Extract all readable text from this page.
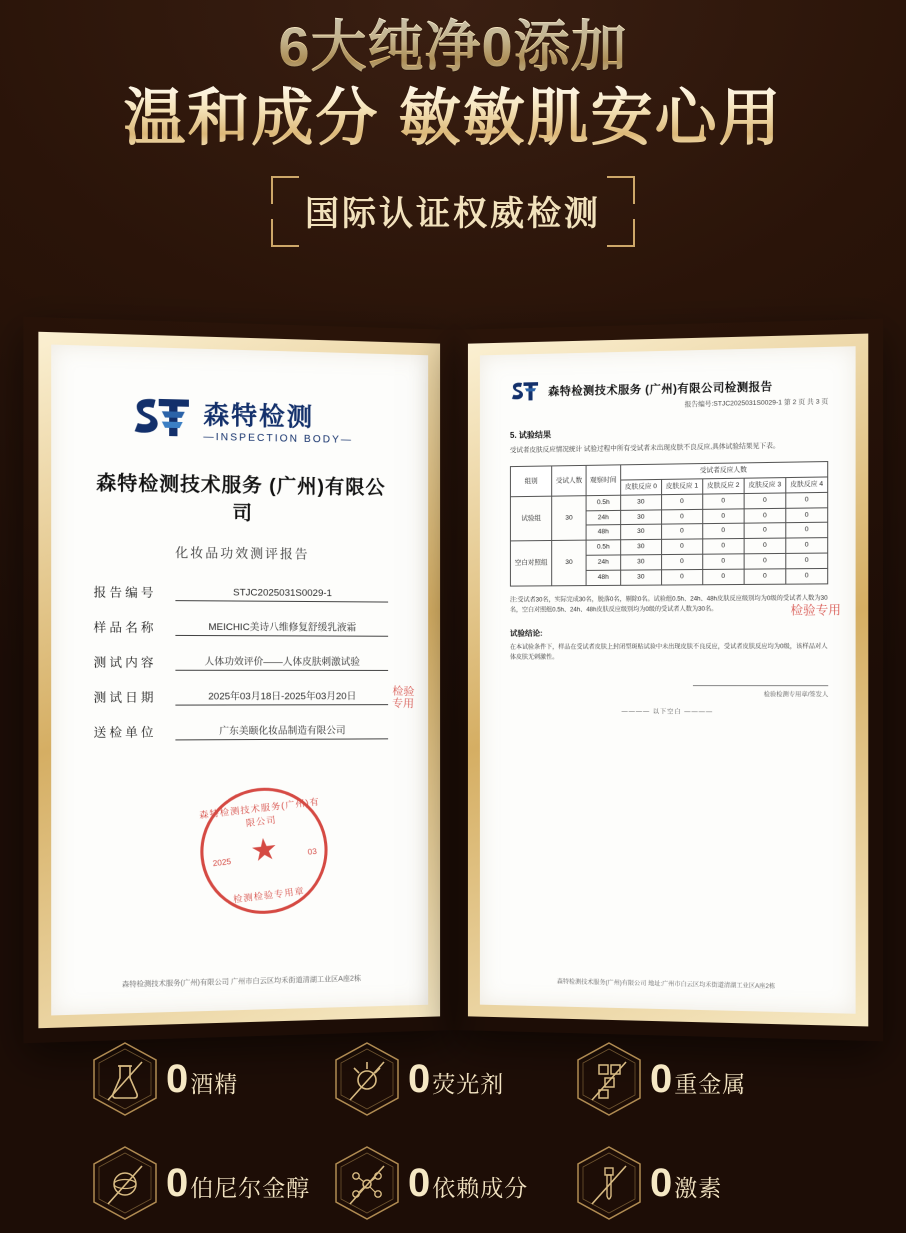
6大纯净0添加
温和成分 敏敏肌安心用
国际认证权威检测
森特检测
—INSPECTION BODY—
森特检测技术服务 (广州)有限公司
化妆品功效测评报告
报告编号	STJC2025031S0029-1
样品名称	MEICHIC美诗八维修复舒缓乳液霜
测试内容	人体功效评价——人体皮肤刺激试验
测试日期	2025年03月18日-2025年03月20日
送检单位	广东美颐化妆品制造有限公司
森特检测技术服务(广州)有限公司
★
2025
03
检测检验专用章
检验专用
森特检测技术服务(广州)有限公司 广州市白云区均禾街道清湖工业区A座2栋
森特检测技术服务 (广州)有限公司检测报告
报告编号:STJC2025031S0029-1 第 2 页 共 3 页
5. 试验结果
受试者皮肤反应情况统计 试验过程中所有受试者未出现皮肤不良反应,具体试验结果见下表。
组别	受试人数	观察时间	受试者反应人数				
			皮肤反应 0	皮肤反应 1	皮肤反应 2	皮肤反应 3	皮肤反应 4
试验组	30	0.5h	30	0	0	0	0
		24h	30	0	0	0	0
		48h	30	0	0	0	0
空白对照组	30	0.5h	30	0	0	0	0
		24h	30	0	0	0	0
		48h	30	0	0	0	0
注:受试者30名，实际完成30名，脱落0名，剔除0名。试验组0.5h、24h、48h皮肤反应级别均为0级的受试者人数为30名，空白对照组0.5h、24h、48h皮肤反应级别均为0级的受试者人数为30名。
试验结论:
在本试验条件下，样品在受试者皮肤上封闭型斑贴试验中未出现皮肤不良反应，受试者皮肤反应均为0级，该样品对人体皮肤无刺激性。
检验检测专用章/签发人
———— 以下空白 ————
检验专用
森特检测技术服务(广州)有限公司 地址:广州市白云区均禾街道清湖工业区A座2栋
0 酒精	0 荧光剂	0 重金属
0 伯尼尔金醇 0 依赖成分	0 激素
